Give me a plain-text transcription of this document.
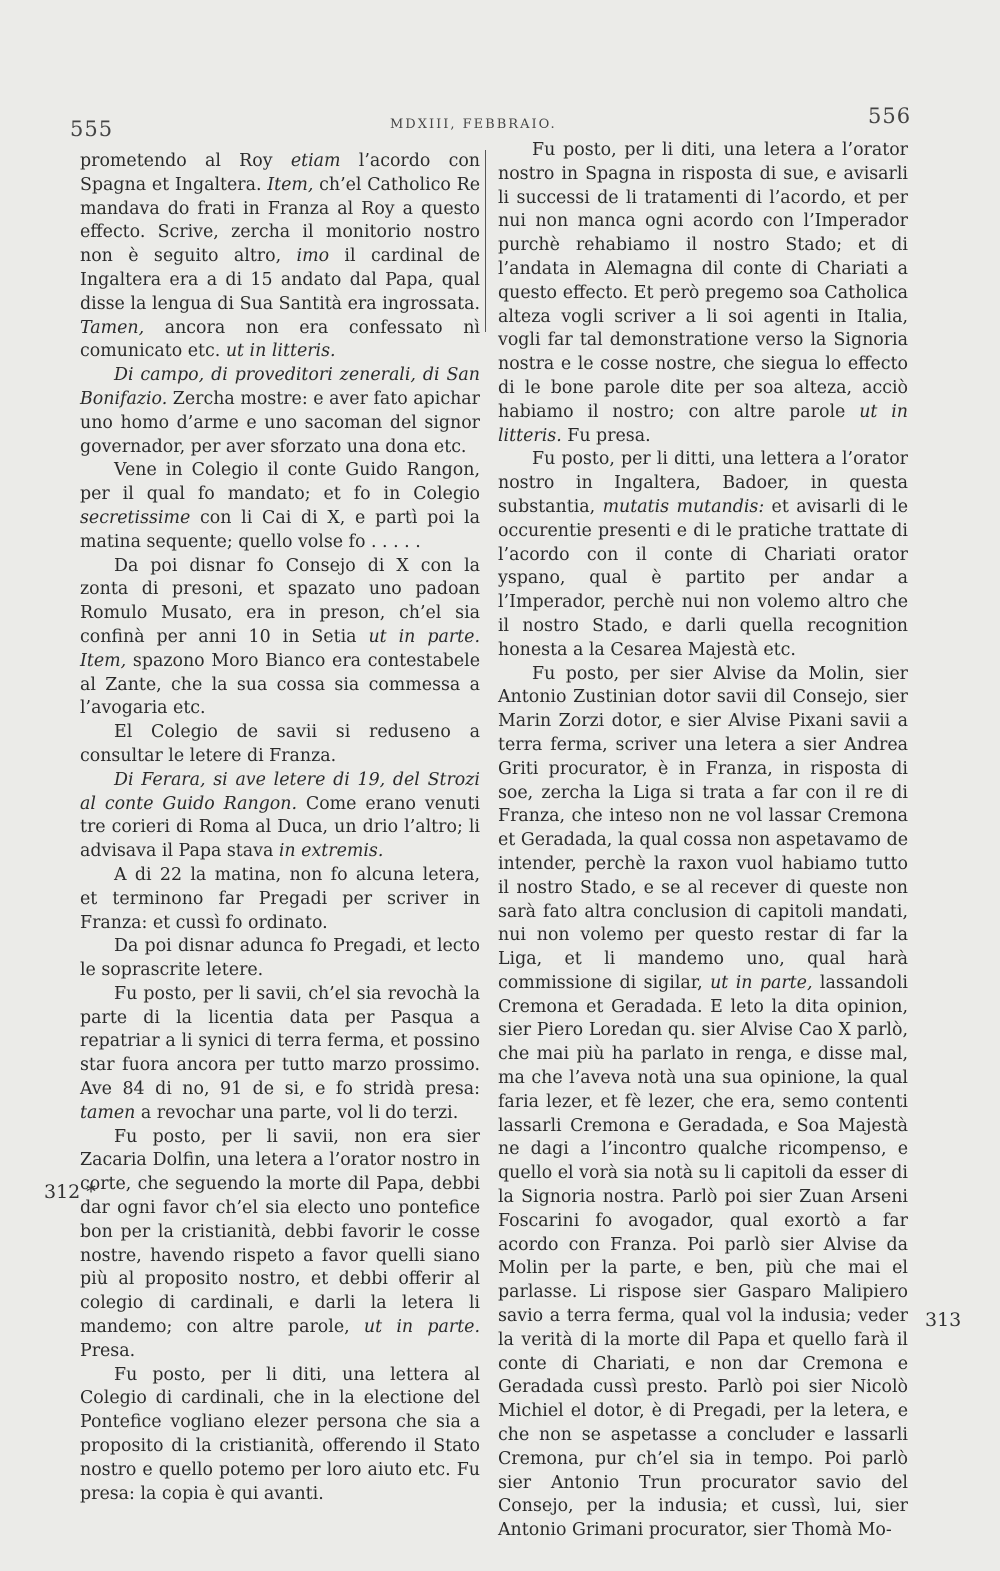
555	MDXIII, FEBBRAIO.	556

prometendo al Roy etiam l’acordo con Spagna et Ingaltera. Item, ch’el Catholico Re mandava do frati in Franza al Roy a questo effecto. Scrive, zercha il monitorio nostro non è seguito altro, imo il cardinal de Ingaltera era a di 15 andato dal Papa, qual disse la lengua di Sua Santità era ingrossata. Tamen, ancora non era confessato nì comunicato etc. ut in litteris.

Di campo, di proveditori zenerali, di San Bonifazio. Zercha mostre: e aver fato apichar uno homo d’arme e uno sacoman del signor governador, per aver sforzato una dona etc.

Vene in Colegio il conte Guido Rangon, per il qual fo mandato; et fo in Colegio secretissime con li Cai di X, e partì poi la matina sequente; quello volse fo . . . . .

Da poi disnar fo Consejo di X con la zonta di presoni, et spazato uno padoan Romulo Musato, era in preson, ch’el sia confinà per anni 10 in Setia ut in parte. Item, spazono Moro Bianco era contestabele al Zante, che la sua cossa sia commessa a l’avogaria etc.

El Colegio de savii si reduseno a consultar le letere di Franza.

Di Ferara, si ave letere di 19, del Strozi al conte Guido Rangon. Come erano venuti tre corieri di Roma al Duca, un drio l’altro; li advisava il Papa stava in extremis.

A di 22 la matina, non fo alcuna letera, et terminono far Pregadi per scriver in Franza: et cussì fo ordinato.

Da poi disnar adunca fo Pregadi, et lecto le soprascrite letere.

Fu posto, per li savii, ch’el sia revochà la parte di la licentia data per Pasqua a repatriar a li synici di terra ferma, et possino star fuora ancora per tutto marzo prossimo. Ave 84 di no, 91 de si, e fo stridà presa: tamen a revochar una parte, vol li do terzi.

Fu posto, per li savii, non era sier Zacaria Dolfin, una letera a l’orator nostro in corte, che seguendo la morte dil Papa, debbi dar ogni favor ch’el sia electo uno pontefice bon per la cristianità, debbi favorir le cosse nostre, havendo rispeto a favor quelli siano più al proposito nostro, et debbi offerir al colegio di cardinali, e darli la letera li mandemo; con altre parole, ut in parte. Presa.

Fu posto, per li diti, una lettera al Colegio di cardinali, che in la electione del Pontefice vogliano elezer persona che sia a proposito di la cristianità, offerendo il Stato nostro e quello potemo per loro aiuto etc. Fu presa: la copia è qui avanti.

Fu posto, per li diti, una letera a l’orator nostro in Spagna in risposta di sue, e avisarli li successi de li tratamenti di l’acordo, et per nui non manca ogni acordo con l’Imperador purchè rehabiamo il nostro Stado; et di l’andata in Alemagna dil conte di Chariati a questo effecto. Et però pregemo soa Catholica alteza vogli scriver a li soi agenti in Italia, vogli far tal demonstratione verso la Signoria nostra e le cosse nostre, che siegua lo effecto di le bone parole dite per soa alteza, acciò habiamo il nostro; con altre parole ut in litteris. Fu presa.

Fu posto, per li ditti, una lettera a l’orator nostro in Ingaltera, Badoer, in questa substantia, mutatis mutandis: et avisarli di le occurentie presenti e di le pratiche trattate di l’acordo con il conte di Chariati orator yspano, qual è partito per andar a l’Imperador, perchè nui non volemo altro che il nostro Stado, e darli quella recognition honesta a la Cesarea Majestà etc.

Fu posto, per sier Alvise da Molin, sier Antonio Zustinian dotor savii dil Consejo, sier Marin Zorzi dotor, e sier Alvise Pixani savii a terra ferma, scriver una letera a sier Andrea Griti procurator, è in Franza, in risposta di soe, zercha la Liga si trata a far con il re di Franza, che inteso non ne vol lassar Cremona et Geradada, la qual cossa non aspetavamo de intender, perchè la raxon vuol habiamo tutto il nostro Stado, e se al recever di queste non sarà fato altra conclusion di capitoli mandati, nui non volemo per questo restar di far la Liga, et li mandemo uno, qual harà commissione di sigilar, ut in parte, lassandoli Cremona et Geradada. E leto la dita opinion, sier Piero Loredan qu. sier Alvise Cao X parlò, che mai più ha parlato in renga, e disse mal, ma che l’aveva notà una sua opinione, la qual faria lezer, et fè lezer, che era, semo contenti lassarli Cremona e Geradada, e Soa Majestà ne dagi a l’incontro qualche ricompenso, e quello el vorà sia notà su li capitoli da esser di la Signoria nostra. Parlò poi sier Zuan Arseni Foscarini fo avogador, qual exortò a far acordo con Franza. Poi parlò sier Alvise da Molin per la parte, e ben, più che mai el parlasse. Li rispose sier Gasparo Malipiero savio a terra ferma, qual vol la indusia; veder la verità di la morte dil Papa et quello farà il conte di Chariati, e non dar Cremona e Geradada cussì presto. Parlò poi sier Nicolò Michiel el dotor, è di Pregadi, per la letera, e che non se aspetasse a concluder e lassarli Cremona, pur ch’el sia in tempo. Poi parlò sier Antonio Trun procurator savio del Consejo, per la indusia; et cussì, lui, sier Antonio Grimani procurator, sier Thomà Mo-

312 *
313
